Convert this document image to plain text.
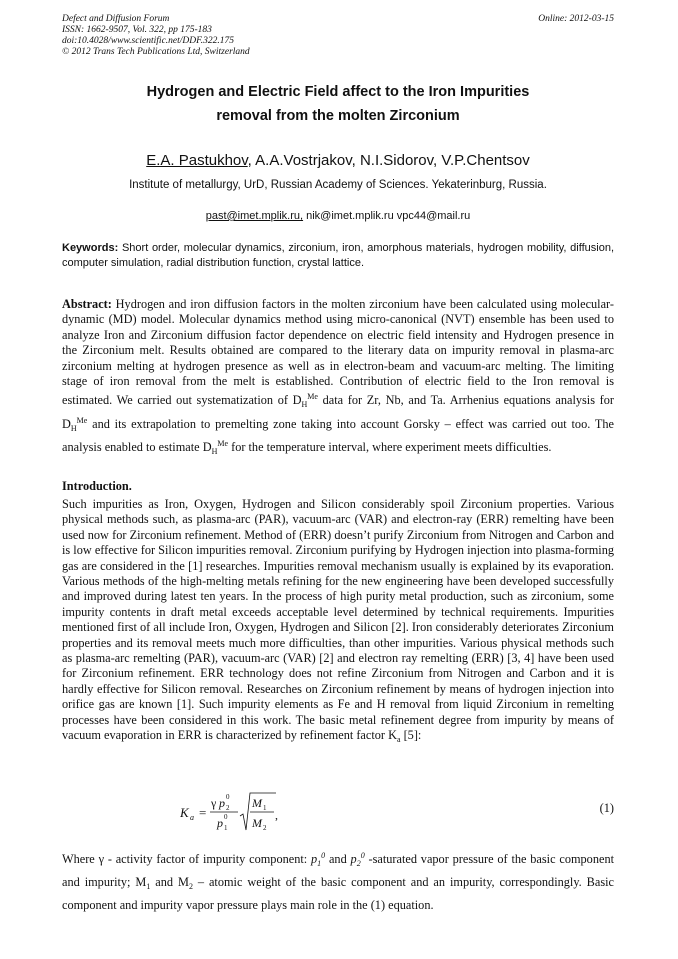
Defect and Diffusion Forum
ISSN: 1662-9507, Vol. 322, pp 175-183
doi:10.4028/www.scientific.net/DDF.322.175
© 2012 Trans Tech Publications Ltd, Switzerland
Online: 2012-03-15
Hydrogen and Electric Field affect to the Iron Impurities
removal from the molten Zirconium
E.A. Pastukhov, A.A.Vostrjakov, N.I.Sidorov, V.P.Chentsov
Institute of metallurgy, UrD, Russian Academy of Sciences. Yekaterinburg, Russia.
past@imet.mplik.ru, nik@imet.mplik.ru vpc44@mail.ru
Keywords: Short order, molecular dynamics, zirconium, iron, amorphous materials, hydrogen mobility, diffusion, computer simulation, radial distribution function, crystal lattice.
Abstract: Hydrogen and iron diffusion factors in the molten zirconium have been calculated using molecular-dynamic (MD) model. Molecular dynamics method using micro-canonical (NVT) ensemble has been used to analyze Iron and Zirconium diffusion factor dependence on electric field intensity and Hydrogen presence in the Zirconium melt. Results obtained are compared to the literary data on impurity removal in plasma-arc zirconium melting at hydrogen presence as well as in electron-beam and vacuum-arc melting. The limiting stage of iron removal from the melt is established. Contribution of electric field to the Iron removal is estimated. We carried out systematization of $D_H^{Me}$ data for Zr, Nb, and Ta. Arrhenius equations analysis for $D_H^{Me}$ and its extrapolation to premelting zone taking into account Gorsky – effect was carried out too. The analysis enabled to estimate $D_H^{Me}$ for the temperature interval, where experiment meets difficulties.
Introduction.
Such impurities as Iron, Oxygen, Hydrogen and Silicon considerably spoil Zirconium properties. Various physical methods such, as plasma-arc (PAR), vacuum-arc (VAR) and electron-ray (ERR) remelting have been used now for Zirconium refinement. Method of (ERR) doesn’t purify Zirconium from Nitrogen and Carbon and is low effective for Silicon impurities removal. Zirconium purifying by Hydrogen injection into plasma-forming gas are considered in the [1] researches. Impurities removal mechanism usually is explained by its evaporation. Various methods of the high-melting metals refining for the new engineering have been developed successfully and improved during latest ten years. In the process of high purity metal production, such as zirconium, some impurity contents in draft metal exceeds acceptable level determined by technical requirements. Impurities mentioned first of all include Iron, Oxygen, Hydrogen and Silicon [2]. Iron considerably deteriorates Zirconium properties and its removal meets much more difficulties, than other impurities. Various physical methods such as plasma-arc remelting (PAR), vacuum-arc (VAR) [2] and electron ray remelting (ERR) [3, 4] have been used for Zirconium refinement. ERR technology does not refine Zirconium from Nitrogen and Carbon and it is hardly effective for Silicon removal. Researches on Zirconium refinement by means of hydrogen injection into orifice gas are known [1]. Such impurity elements as Fe and H removal from liquid Zirconium in remelting processes have been considered in this work. The basic metal refinement degree from impurity by means of vacuum evaporation in ERR is characterized by refinement factor $K_a$ [5]:
K a =
γ p 0
2
p 0
1
M 1
M 2
,	(1)
Where γ - activity factor of impurity component: $p_1^0$ and $p_2^0$ -saturated vapor pressure of the basic component and impurity; $M_1$ and $M_2$ – atomic weight of the basic component and an impurity, correspondingly. Basic component and impurity vapor pressure plays main role in the (1) equation.
